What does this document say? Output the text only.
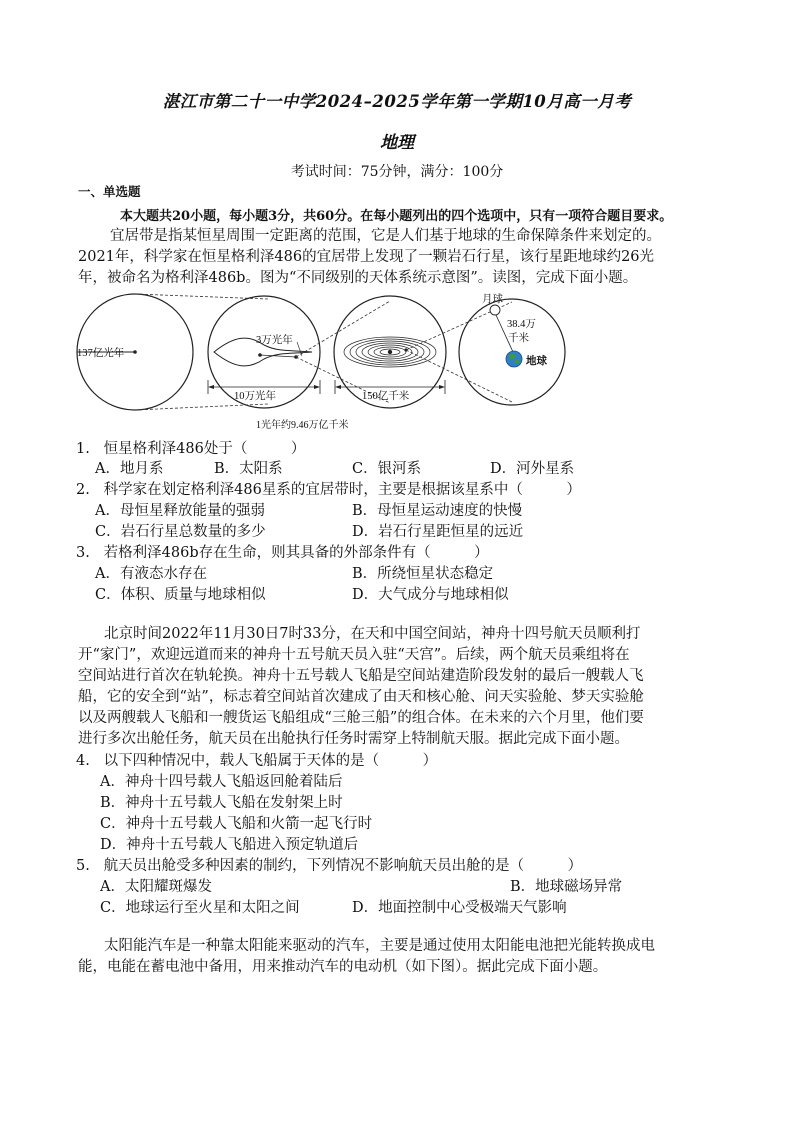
湛江市第二十一中学2024–2025学年第一学期10月高一月考
地理
考试时间：75分钟，满分：100分
一、单选题
本大题共20小题，每小题3分，共60分。在每小题列出的四个选项中，只有一项符合题目要求。
宜居带是指某恒星周围一定距离的范围，它是人们基于地球的生命保障条件来划定的。
2021年，科学家在恒星格利泽486的宜居带上发现了一颗岩石行星，该行星距地球约26光
年，被命名为格利泽486b。图为“不同级别的天体系统示意图”。读图，完成下面小题。
137亿光年
3万光年
10万光年	150亿千米
月球
38.4万
千米
地球
1光年约9.46万亿千米
1. 恒星格利泽486处于（　　　）
A．地月系	B．太阳系	C．银河系	D．河外星系
2. 科学家在划定格利泽486星系的宜居带时，主要是根据该星系中（　　　）
A．母恒星释放能量的强弱	B．母恒星运动速度的快慢
C．岩石行星总数量的多少	D．岩石行星距恒星的远近
3. 若格利泽486b存在生命，则其具备的外部条件有（　　　）
A．有液态水存在	B．所绕恒星状态稳定
C．体积、质量与地球相似	D．大气成分与地球相似
北京时间2022年11月30日7时33分，在天和中国空间站，神舟十四号航天员顺利打
开“家门”，欢迎远道而来的神舟十五号航天员入驻“天宫”。后续，两个航天员乘组将在
空间站进行首次在轨轮换。神舟十五号载人飞船是空间站建造阶段发射的最后一艘载人飞
船，它的安全到“站”，标志着空间站首次建成了由天和核心舱、问天实验舱、梦天实验舱
以及两艘载人飞船和一艘货运飞船组成“三舱三船”的组合体。在未来的六个月里，他们要
进行多次出舱任务，航天员在出舱执行任务时需穿上特制航天服。据此完成下面小题。
4. 以下四种情况中，载人飞船属于天体的是（　　　）
A．神舟十四号载人飞船返回舱着陆后
B．神舟十五号载人飞船在发射架上时
C．神舟十五号载人飞船和火箭一起飞行时
D．神舟十五号载人飞船进入预定轨道后
5. 航天员出舱受多种因素的制约，下列情况不影响航天员出舱的是（　　　）
A．太阳耀斑爆发	B．地球磁场异常
C．地球运行至火星和太阳之间	D．地面控制中心受极端天气影响
太阳能汽车是一种靠太阳能来驱动的汽车，主要是通过使用太阳能电池把光能转换成电
能，电能在蓄电池中备用，用来推动汽车的电动机（如下图）。据此完成下面小题。
